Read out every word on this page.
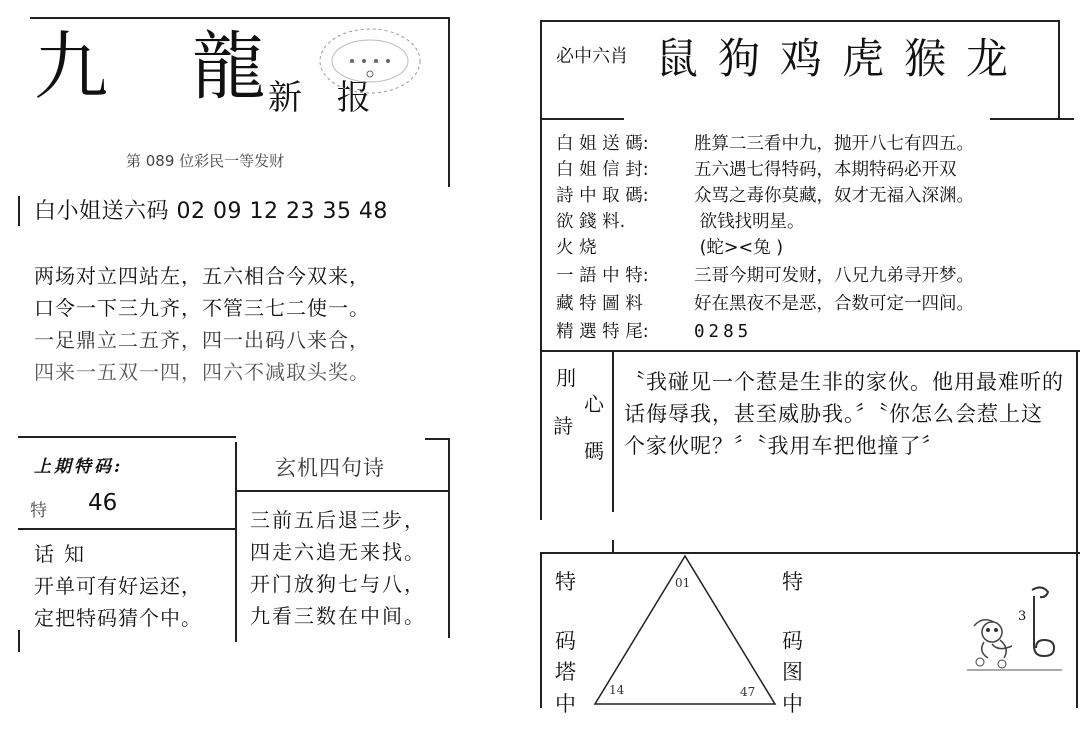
九 龍
新 报
第 089 位彩民一等发财
白小姐送六码 02 09 12 23 35 48
两场对立四站左，五六相合今双来，
口令一下三九齐，不管三七二使一。
一足鼎立二五齐，四一出码八来合，
四来一五双一四，四六不减取头奖。
上期特码:
特 46
话知
开单可有好运还，
定把特码猜个中。
玄机四句诗
三前五后退三步，
四走六追无来找。
开门放狗七与八，
九看三数在中间。
必中六肖 鼠狗鸡虎猴龙
白 姐 送 碼:	胜算二三看中九，抛开八七有四五。
白 姐 信 封:	五六遇七得特码，本期特码必开双
詩 中 取 碼:	众骂之毒你莫藏，奴才无福入深渊。
欲 錢 料.	欲钱找明星。
火 烧	(蛇><兔 )
一 語 中 特:	三哥今期可发财，八兄九弟寻开梦。
藏 特 圖 料	好在黑夜不是恶，合数可定一四间。
精 選 特 尾:	0285
刖
詩
心
碼
〝我碰见一个惹是生非的家伙。他用最难听的话侮辱我，甚至威胁我。〞〝你怎么会惹上这个家伙呢？〞〝我用车把他撞了〞
特
码
塔
中
特
码
图
中
01
14	47
3
